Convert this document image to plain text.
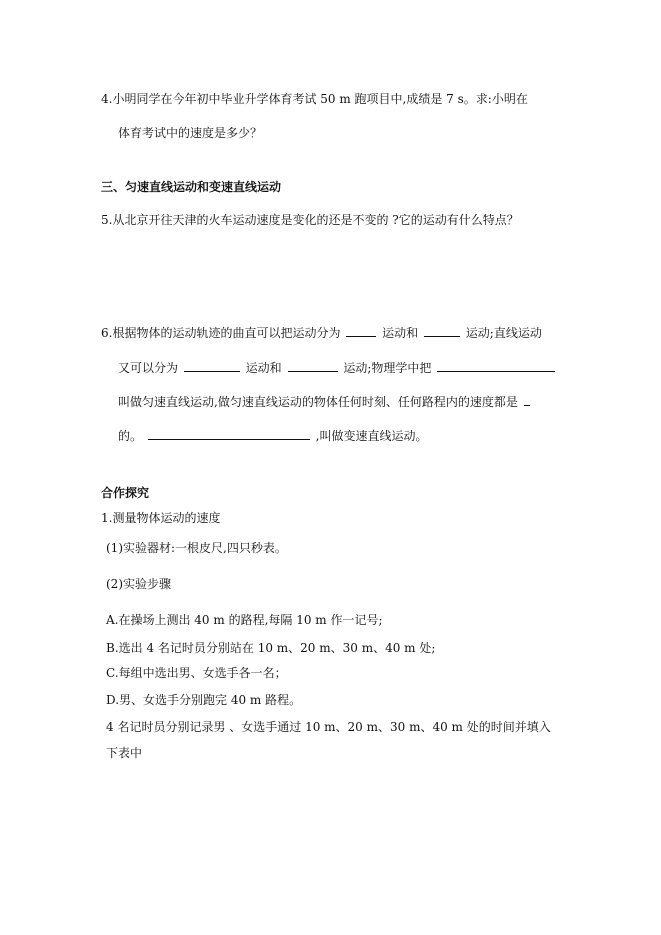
4.小明同学在今年初中毕业升学体育考试 50 m 跑项目中,成绩是 7 s。求:小明在
体育考试中的速度是多少？
三、匀速直线运动和变速直线运动
5.从北京开往天津的火车运动速度是变化的还是不变的 ?它的运动有什么特点？
6.根据物体的运动轨迹的曲直可以把运动分为	运动和	运动;直线运动
又可以分为	运动和	运动;物理学中把
叫做匀速直线运动,做匀速直线运动的物体任何时刻、任何路程内的速度都是
的。	,叫做变速直线运动。
合作探究
1.测量物体运动的速度
(1)实验器材:一根皮尺,四只秒表。
(2)实验步骤
A.在操场上测出 40 m 的路程,每隔 10 m 作一记号;
B.选出 4 名记时员分别站在 10 m、20 m、30 m、40 m 处;
C.每组中选出男、女选手各一名；
D.男、女选手分别跑完 40 m 路程。
4 名记时员分别记录男 、女选手通过 10 m、20 m、30 m、40 m 处的时间并填入
下表中
